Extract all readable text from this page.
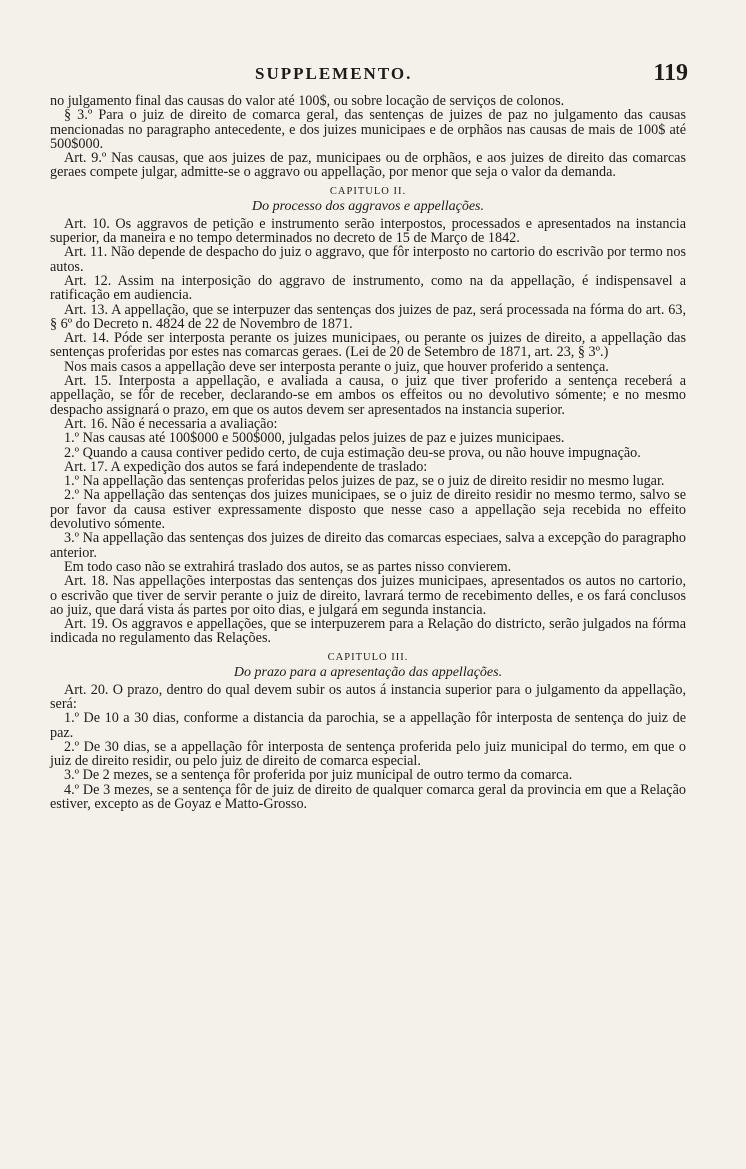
SUPPLEMENTO.	119

no julgamento final das causas do valor até 100$, ou sobre locação de serviços de colonos.

§ 3.º Para o juiz de direito de comarca geral, das sentenças de juizes de paz no julgamento das causas mencionadas no paragrapho antecedente, e dos juizes municipaes e de orphãos nas causas de mais de 100$ até 500$000.

Art. 9.º Nas causas, que aos juizes de paz, municipaes ou de orphãos, e aos juizes de direito das comarcas geraes compete julgar, admitte-se o aggravo ou appellação, por menor que seja o valor da demanda.

CAPITULO II.
Do processo dos aggravos e appellações.

Art. 10. Os aggravos de petição e instrumento serão interpostos, processados e apresentados na instancia superior, da maneira e no tempo determinados no decreto de 15 de Março de 1842.

Art. 11. Não depende de despacho do juiz o aggravo, que fôr interposto no cartorio do escrivão por termo nos autos.

Art. 12. Assim na interposição do aggravo de instrumento, como na da appellação, é indispensavel a ratificação em audiencia.

Art. 13. A appellação, que se interpuzer das sentenças dos juizes de paz, será processada na fórma do art. 63, § 6º do Decreto n. 4824 de 22 de Novembro de 1871.

Art. 14. Póde ser interposta perante os juizes municipaes, ou perante os juizes de direito, a appellação das sentenças proferidas por estes nas comarcas geraes. (Lei de 20 de Setembro de 1871, art. 23, § 3º.)

Nos mais casos a appellação deve ser interposta perante o juiz, que houver proferido a sentença.

Art. 15. Interposta a appellação, e avaliada a causa, o juiz que tiver proferido a sentença receberá a appellação, se fôr de receber, declarando-se em ambos os effeitos ou no devolutivo sómente; e no mesmo despacho assignará o prazo, em que os autos devem ser apresentados na instancia superior.

Art. 16. Não é necessaria a avaliação:

1.º Nas causas até 100$000 e 500$000, julgadas pelos juizes de paz e juizes municipaes.

2.º Quando a causa contiver pedido certo, de cuja estimação deu-se prova, ou não houve impugnação.

Art. 17. A expedição dos autos se fará independente de traslado:

1.º Na appellação das sentenças proferidas pelos juizes de paz, se o juiz de direito residir no mesmo lugar.

2.º Na appellação das sentenças dos juizes municipaes, se o juiz de direito residir no mesmo termo, salvo se por favor da causa estiver expressamente disposto que nesse caso a appellação seja recebida no effeito devolutivo sómente.

3.º Na appellação das sentenças dos juizes de direito das comarcas especiaes, salva a excepção do paragrapho anterior.

Em todo caso não se extrahirá traslado dos autos, se as partes nisso convierem.

Art. 18. Nas appellações interpostas das sentenças dos juizes municipaes, apresentados os autos no cartorio, o escrivão que tiver de servir perante o juiz de direito, lavrará termo de recebimento delles, e os fará conclusos ao juiz, que dará vista ás partes por oito dias, e julgará em segunda instancia.

Art. 19. Os aggravos e appellações, que se interpuzerem para a Relação do districto, serão julgados na fórma indicada no regulamento das Relações.

CAPITULO III.
Do prazo para a apresentação das appellações.

Art. 20. O prazo, dentro do qual devem subir os autos á instancia superior para o julgamento da appellação, será:

1.º De 10 a 30 dias, conforme a distancia da parochia, se a appellação fôr interposta de sentença do juiz de paz.

2.º De 30 dias, se a appellação fôr interposta de sentença proferida pelo juiz municipal do termo, em que o juiz de direito residir, ou pelo juiz de direito de comarca especial.

3.º De 2 mezes, se a sentença fôr proferida por juiz municipal de outro termo da comarca.

4.º De 3 mezes, se a sentença fôr de juiz de direito de qualquer comarca geral da provincia em que a Relação estiver, excepto as de Goyaz e Matto-Grosso.
